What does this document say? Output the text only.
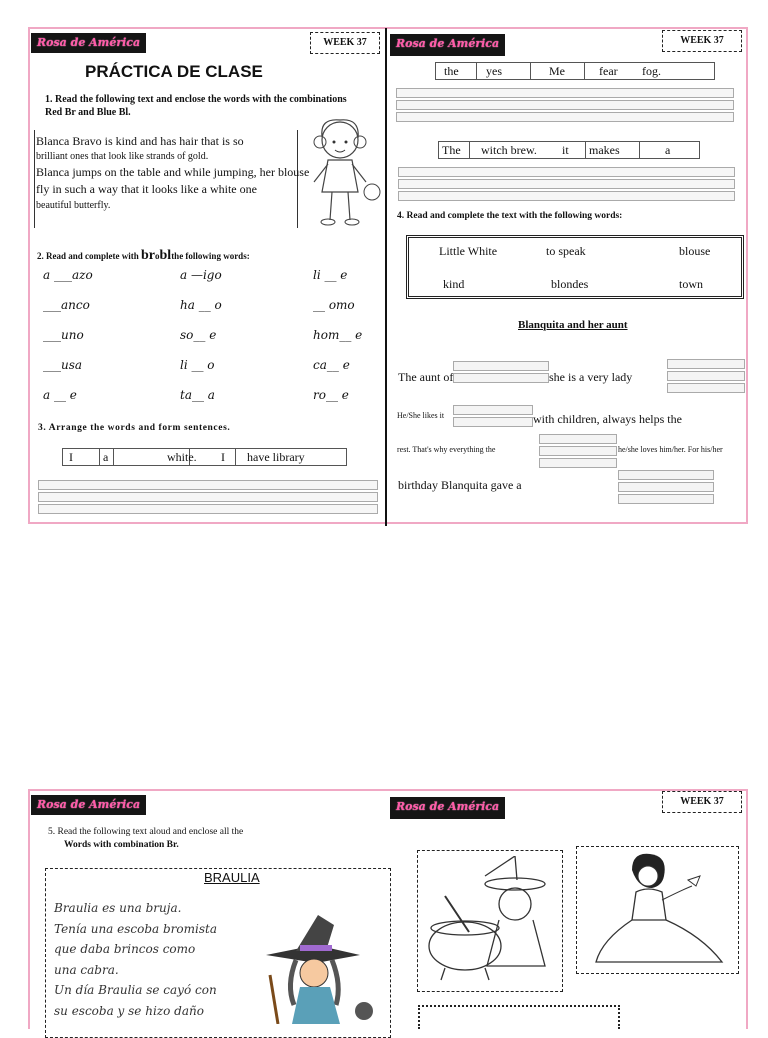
Rosa de América	WEEK 37
PRÁCTICA DE CLASE
1. Read the following text and enclose the words with the combinations
Red Br and Blue Bl.
Blanca Bravo is kind and has hair that is so
brilliant ones that look like strands of gold.
Blanca jumps on the table and while jumping, her blouse
fly in such a way that it looks like a white one
beautiful butterfly.
2. Read and complete with broblthe following words:
a ___azo	a —igo	li __ e
___anco	ha __ o	__ omo
___uno	so__ e	hom__ e
___usa	li __ o	ca__ e
a __ e	ta__ a	ro__ e
3. Arrange the words and form sentences.
I	a	white. I have library
Rosa de América	WEEK 37
the yes	Me	fear fog.
The witch brew. it makes	a
4. Read and complete the text with the following words:
Little White	to speak	blouse
kind	blondes	town
Blanquita and her aunt
The aunt of	she is a very lady
He/She likes it	with children, always helps the
rest. That's why everything the	he/she loves him/her. For his/her
birthday Blanquita gave a
Rosa de América	Rosa de América	WEEK 37
5. Read the following text aloud and enclose all the
Words with combination Br.
BRAULIA
Braulia es una bruja.
Tenía una escoba bromista
que daba brincos como
una cabra.
Un día Braulia se cayó con
su escoba y se hizo daño
